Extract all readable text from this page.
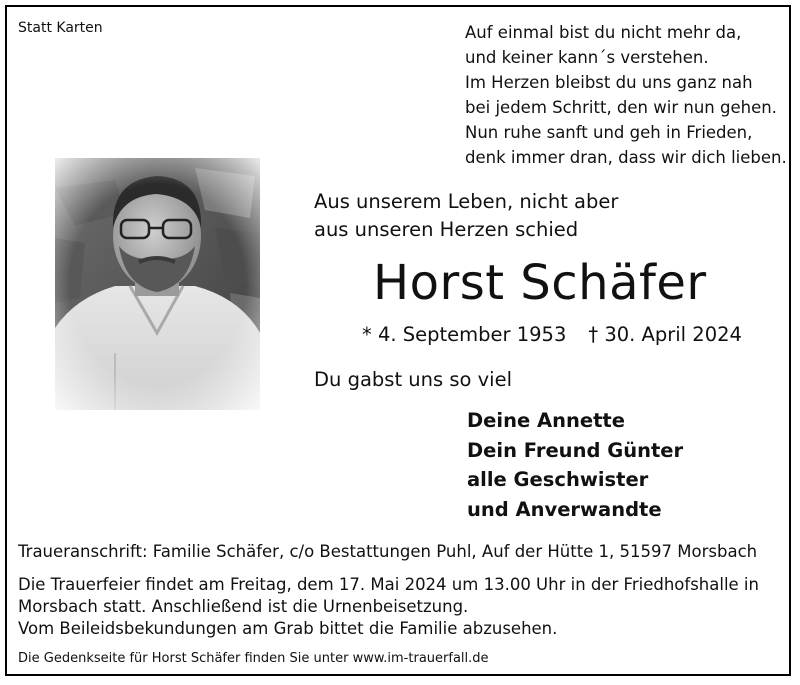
Statt Karten	Auf einmal bist du nicht mehr da,
und keiner kann´s verstehen.
Im Herzen bleibst du uns ganz nah
bei jedem Schritt, den wir nun gehen.
Nun ruhe sanft und geh in Frieden,
denk immer dran, dass wir dich lieben.
Aus unserem Leben, nicht aber
aus unseren Herzen schied
Horst Schäfer
* 4. September 1953 † 30. April 2024
Du gabst uns so viel
Deine Annette
Dein Freund Günter
alle Geschwister
und Anverwandte
Traueranschrift: Familie Schäfer, c/o Bestattungen Puhl, Auf der Hütte 1, 51597 Morsbach
Die Trauerfeier findet am Freitag, dem 17. Mai 2024 um 13.00 Uhr in der Friedhofshalle in
Morsbach statt. Anschließend ist die Urnenbeisetzung.
Vom Beileidsbekundungen am Grab bittet die Familie abzusehen.
Die Gedenkseite für Horst Schäfer finden Sie unter www.im-trauerfall.de
